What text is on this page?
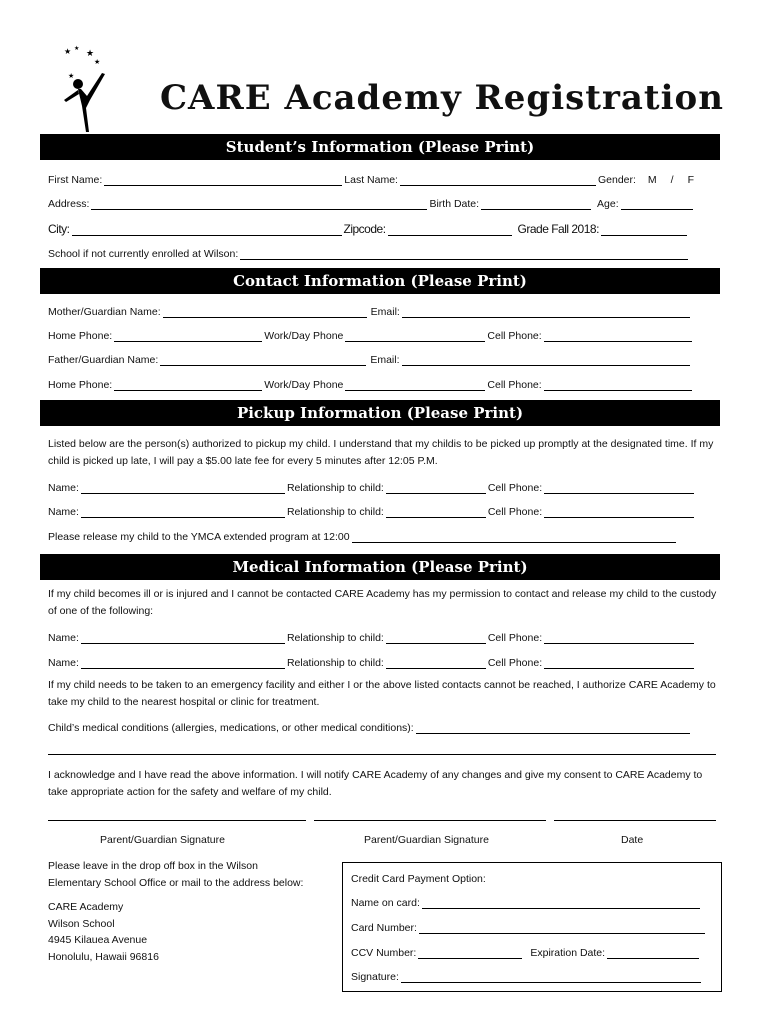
★ ★ ★
★
★
CARE Academy Registration
Student’s Information (Please Print)
First Name:	Last Name:	Gender: M / F
Address:	Birth Date:	Age:
City:	Zipcode:	Grade Fall 2018:
School if not currently enrolled at Wilson:
Contact Information (Please Print)
Mother/Guardian Name:	Email:
Home Phone:	Work/Day Phone	Cell Phone:
Father/Guardian Name:	Email:
Home Phone:	Work/Day Phone	Cell Phone:
Pickup Information (Please Print)
Listed below are the person(s) authorized to pickup my child. I understand that my childis to be picked up promptly at the designated time. If my child is picked up late, I will pay a $5.00 late fee for every 5 minutes after 12:05 P.M.
Name:	Relationship to child:	Cell Phone:
Name:	Relationship to child:	Cell Phone:
Please release my child to the YMCA extended program at 12:00
Medical Information (Please Print)
If my child becomes ill or is injured and I cannot be contacted CARE Academy has my permission to contact and release my child to the custody of one of the following:
Name:	Relationship to child:	Cell Phone:
Name:	Relationship to child:	Cell Phone:
If my child needs to be taken to an emergency facility and either I or the above listed contacts cannot be reached, I authorize CARE Academy to take my child to the nearest hospital or clinic for treatment.
Child’s medical conditions (allergies, medications, or other medical conditions):
I acknowledge and I have read the above information. I will notify CARE Academy of any changes and give my consent to CARE Academy to take appropriate action for the safety and welfare of my child.
Parent/Guardian Signature	Parent/Guardian Signature	Date
Please leave in the drop off box in the Wilson
Elementary School Office or mail to the address below:
CARE Academy
Wilson School
4945 Kilauea Avenue
Honolulu, Hawaii 96816
Credit Card Payment Option:
Name on card:
Card Number:
CCV Number:	Expiration Date:
Signature:
